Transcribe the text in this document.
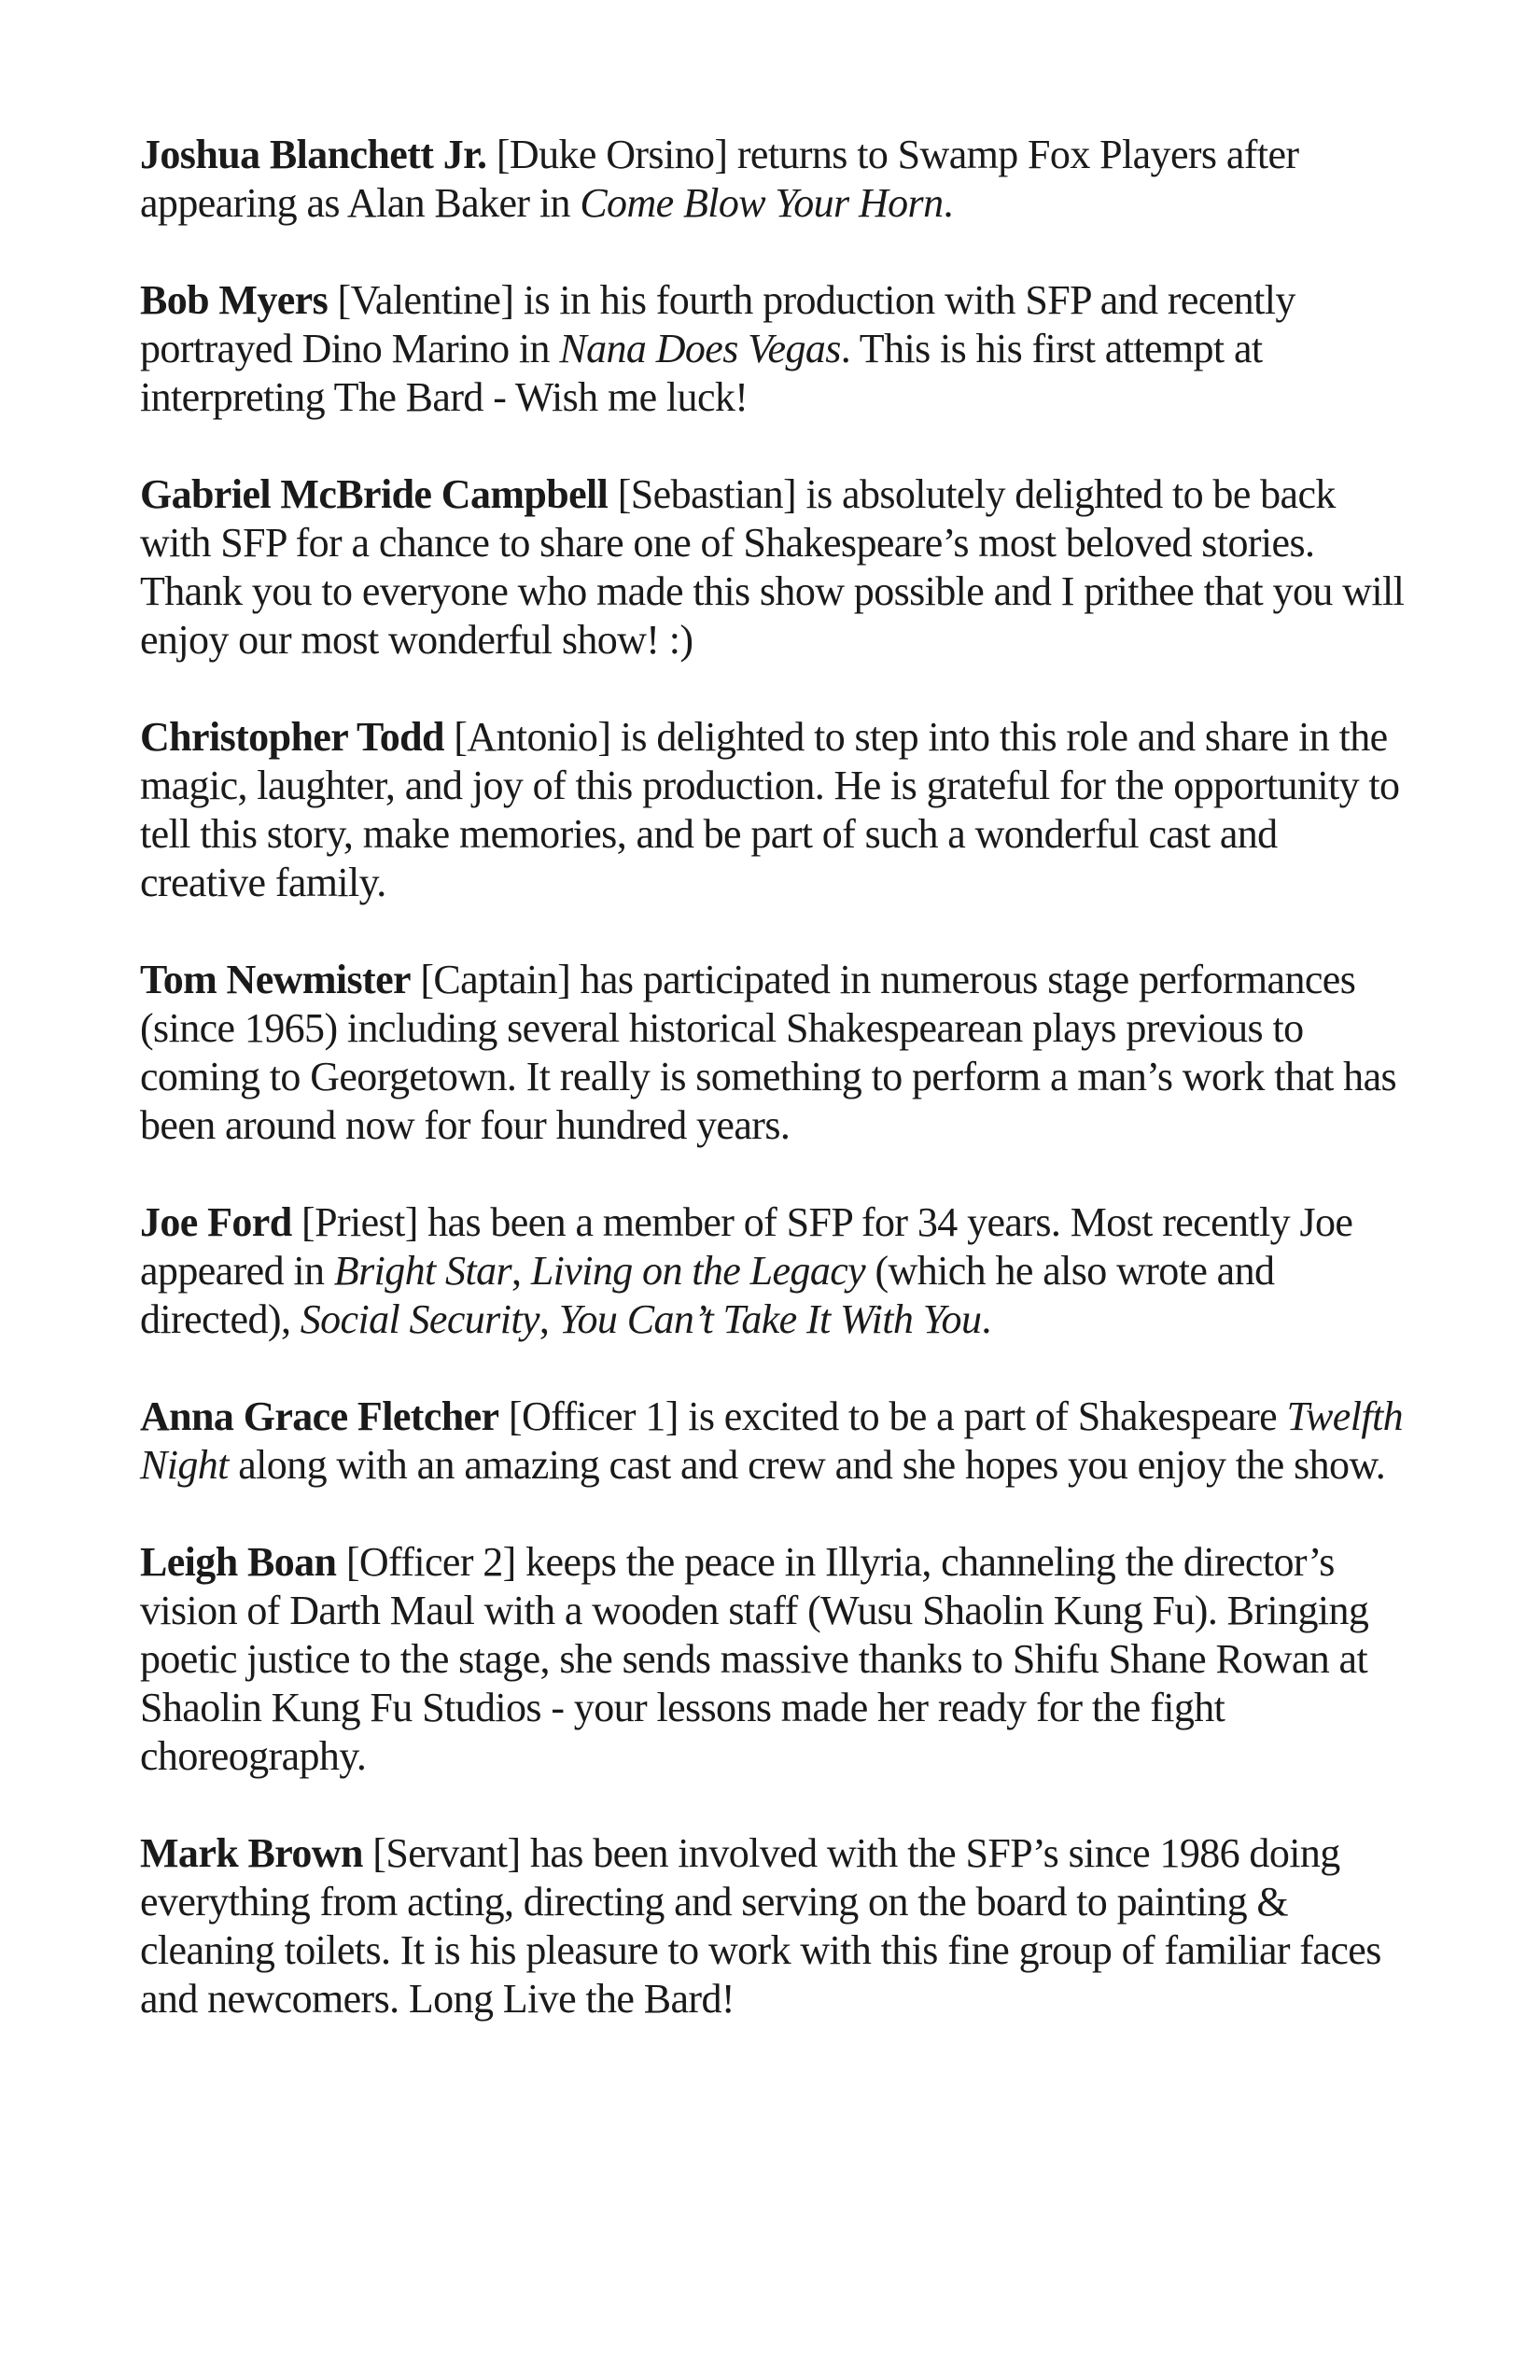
Joshua Blanchett Jr. [Duke Orsino] returns to Swamp Fox Players after appearing as Alan Baker in Come Blow Your Horn.

Bob Myers [Valentine] is in his fourth production with SFP and recently portrayed Dino Marino in Nana Does Vegas. This is his first attempt at interpreting The Bard - Wish me luck!

Gabriel McBride Campbell [Sebastian] is absolutely delighted to be back with SFP for a chance to share one of Shakespeare’s most beloved stories. Thank you to everyone who made this show possible and I prithee that you will enjoy our most wonderful show! :)

Christopher Todd [Antonio] is delighted to step into this role and share in the magic, laughter, and joy of this production. He is grateful for the opportunity to tell this story, make memories, and be part of such a wonderful cast and creative family.

Tom Newmister [Captain] has participated in numerous stage performances (since 1965) including several historical Shakespearean plays previous to coming to Georgetown. It really is something to perform a man’s work that has been around now for four hundred years.

Joe Ford [Priest] has been a member of SFP for 34 years. Most recently Joe appeared in Bright Star, Living on the Legacy (which he also wrote and directed), Social Security, You Can’t Take It With You.

Anna Grace Fletcher [Officer 1] is excited to be a part of Shakespeare Twelfth Night along with an amazing cast and crew and she hopes you enjoy the show.

Leigh Boan [Officer 2] keeps the peace in Illyria, channeling the director’s vision of Darth Maul with a wooden staff (Wusu Shaolin Kung Fu). Bringing poetic justice to the stage, she sends massive thanks to Shifu Shane Rowan at Shaolin Kung Fu Studios - your lessons made her ready for the fight choreography.

Mark Brown [Servant] has been involved with the SFP’s since 1986 doing everything from acting, directing and serving on the board to painting & cleaning toilets. It is his pleasure to work with this fine group of familiar faces and newcomers. Long Live the Bard!
